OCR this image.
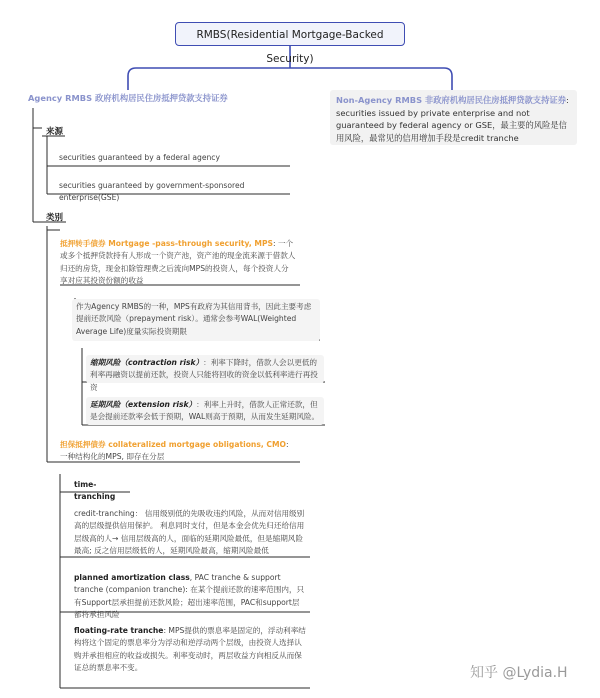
RMBS(Residential Mortgage-Backed Security)
Agency RMBS 政府机构居民住房抵押贷款支持证券	Non-Agency RMBS 非政府机构居民住房抵押贷款支持证券: securities issued by private enterprise and not guaranteed by federal agency or GSE，最主要的风险是信用风险，最常见的信用增加手段是credit tranche
来源
securities guaranteed by a federal agency
securities guaranteed by government-sponsored enterprise(GSE)
类别
抵押转手债券 Mortgage -pass-through security, MPS: 一个或多个抵押贷款持有人形成一个资产池，资产池的现金流来源于借款人归还的房贷，现金扣除管理费之后流向MPS的投资人，每个投资人分享对应其投资份额的收益
作为Agency RMBS的一种，MPS有政府为其信用背书，因此主要考虑提前还款风险（prepayment risk）。通常会参考WAL(Weighted Average Life)度量实际投资期限
缩期风险（contraction risk）：利率下降时，借款人会以更低的利率再融资以提前还款，投资人只能将回收的资金以低利率进行再投资
延期风险（extension risk）：利率上升时，借款人正常还款，但是会提前还款率会低于预期，WAL则高于预期，从而发生延期风险。
担保抵押债券 collateralized mortgage obligations, CMO: 一种结构化的MPS, 即存在分层
time-tranching
credit-tranching： 信用级别低的先吸收违约风险，从而对信用级别高的层级提供信用保护。 利息同时支付，但是本金会优先归还给信用层级高的人→ 信用层级高的人，面临的延期风险最低，但是缩期风险最高; 反之信用层级低的人，延期风险最高，缩期风险最低
planned amortization class, PAC tranche & support tranche (companion tranche): 在某个提前还款的速率范围内，只有Support层承担提前还款风险；超出速率范围，PAC和support层都将承担风险
floating-rate tranche: MPS提供的票息率是固定的，浮动利率结构将这个固定的票息率分为浮动和逆浮动两个层级，由投资人选择认购并承担相应的收益或损失。利率变动时，两层收益方向相反从而保证总的票息率不变。	知乎 @Lydia.H
